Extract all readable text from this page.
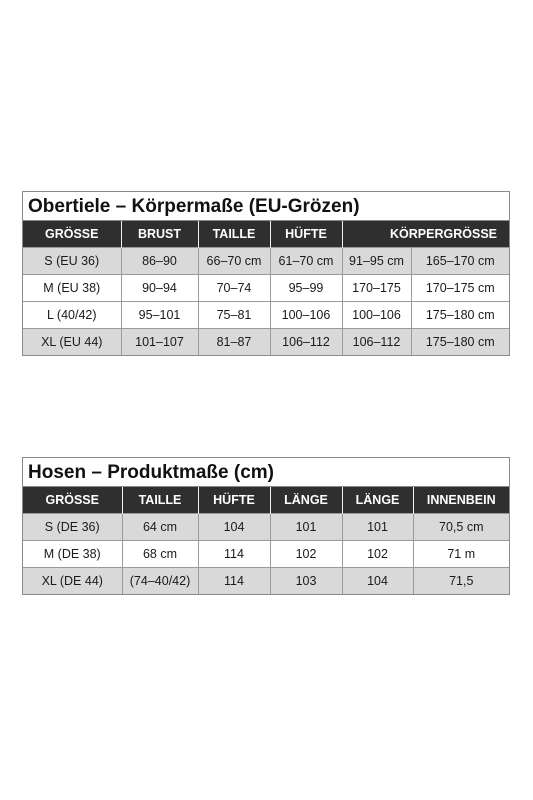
Obertiele – Körpermaße (EU-Grözen)
GRÖSSE	BRUST	TAILLE	HÜFTE	KÖRPERGRÖSSE	
S (EU 36)	86–90	66–70 cm	61–70 cm	91–95 cm	165–170 cm
M (EU 38)	90–94	70–74	95–99	170–175	170–175 cm
L (40/42)	95–101	75–81	100–106	100–106	175–180 cm
XL (EU 44)	101–107	81–87	106–112	106–112	175–180 cm
Hosen – Produktmaße (cm)
GRÖSSE	TAILLE	HÜFTE	LÄNGE	LÄNGE	INNENBEIN
S (DE 36)	64 cm	104	101	101	70,5 cm
M (DE 38)	68 cm	114	102	102	71 m
XL (DE 44)	(74–40/42)	114	103	104	71,5
